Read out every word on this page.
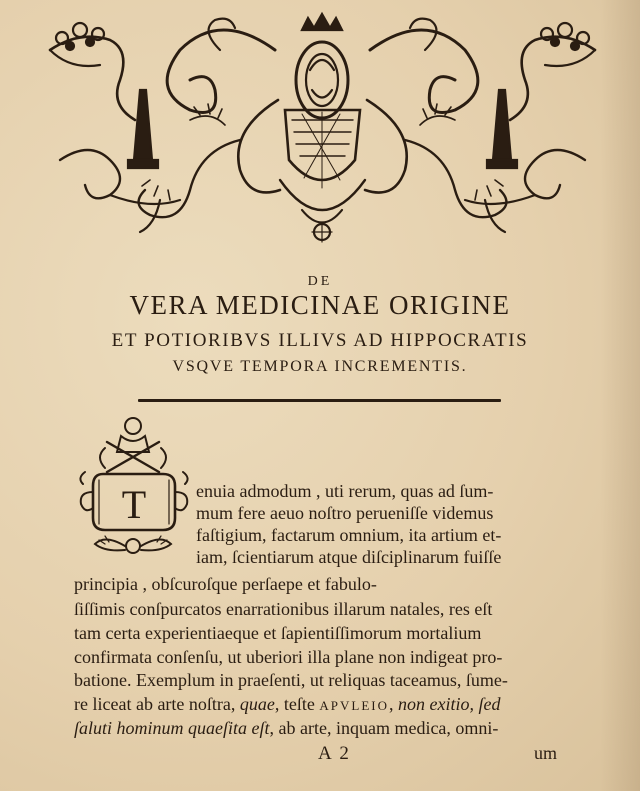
DE
VERA MEDICINAE ORIGINE
ET POTIORIBVS ILLIVS AD HIPPOCRATIS
VSQVE TEMPORA INCREMENTIS.
T	enuia admodum , uti rerum, quas ad ſum-
mum fere aeuo noſtro perueniſſe videmus
faſtigium, factarum omnium, ita artium et-
iam, ſcientiarum atque diſciplinarum fuiſſe
principia , obſcuroſque perſaepe et fabulo-
ſiſſimis conſpurcatos enarrationibus illarum natales, res eſt
tam certa experientiaeque et ſapientiſſimorum mortalium
confirmata conſenſu, ut uberiori illa plane non indigeat pro-
batione. Exemplum in praeſenti, ut reliquas taceamus, ſume-
re liceat ab arte noſtra, quae, teſte APVLEIO, non exitio, ſed
ſaluti hominum quaeſita eſt, ab arte, inquam medica, omni-
A 2	um
